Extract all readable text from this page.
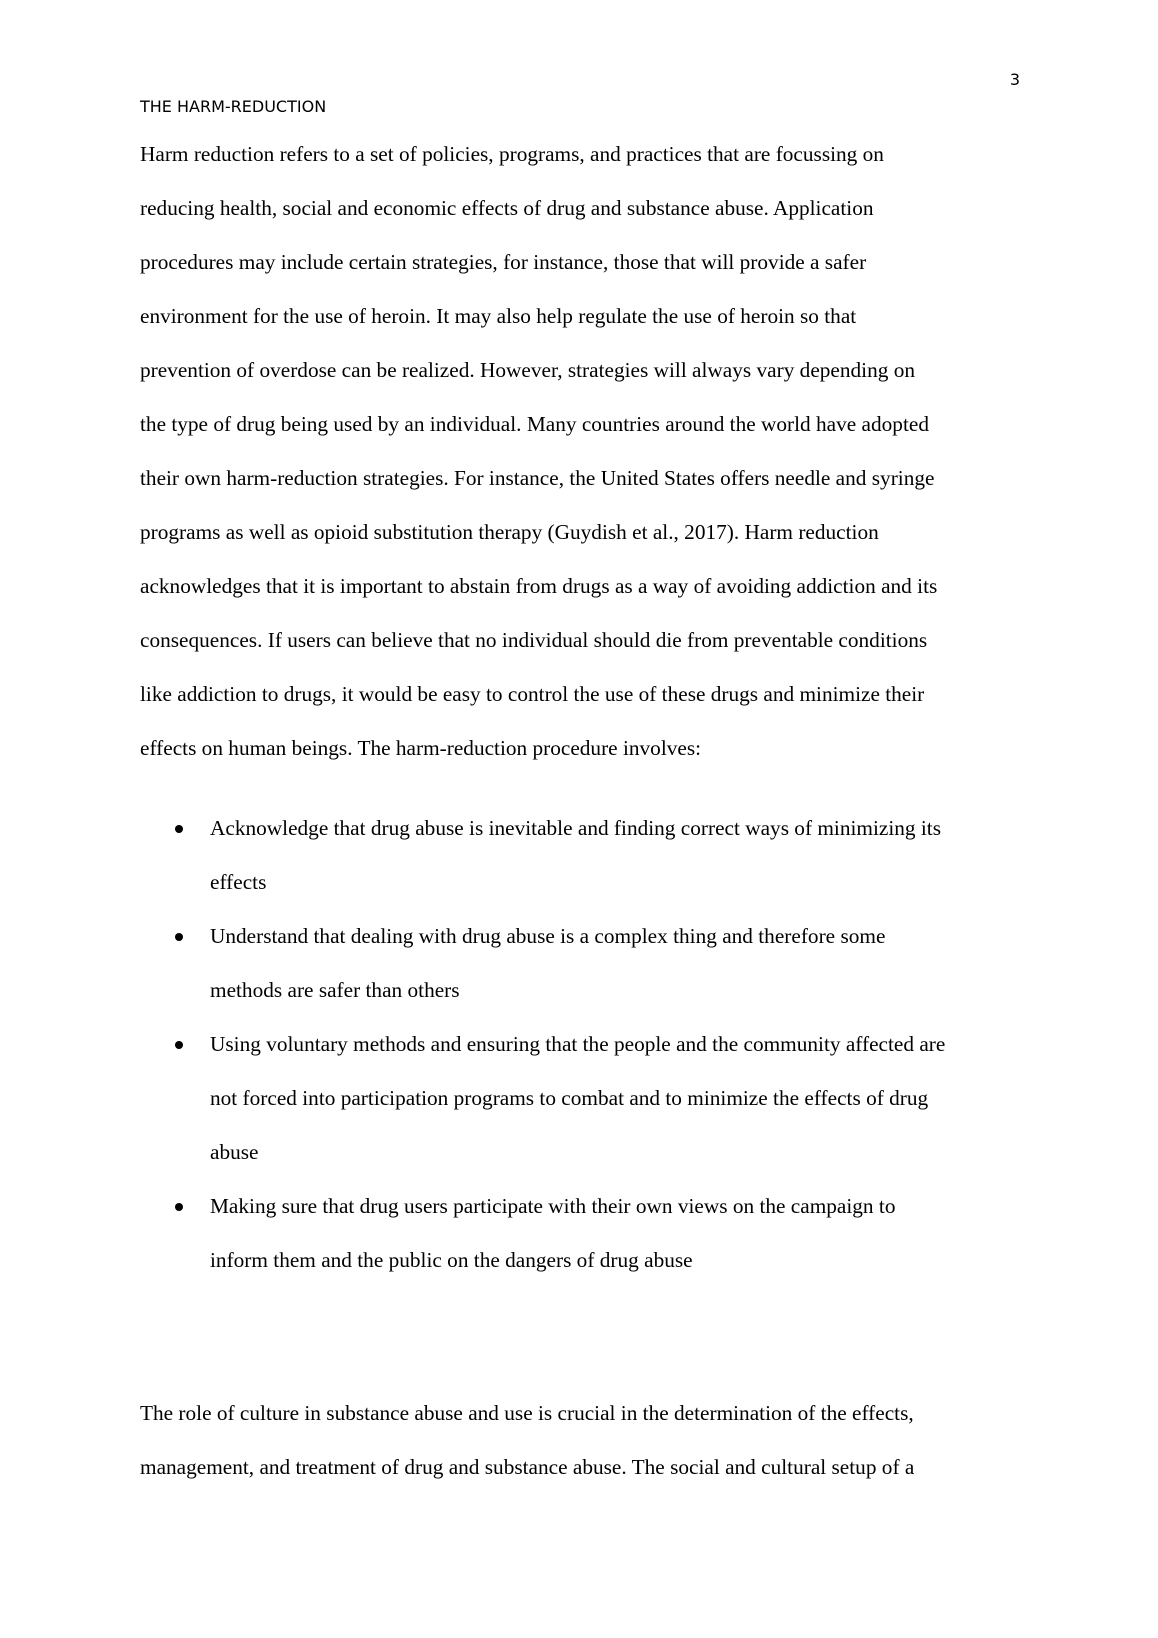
3
THE HARM-REDUCTION
Harm reduction refers to a set of policies, programs, and practices that are focussing on
reducing health, social and economic effects of drug and substance abuse. Application
procedures may include certain strategies, for instance, those that will provide a safer
environment for the use of heroin. It may also help regulate the use of heroin so that
prevention of overdose can be realized. However, strategies will always vary depending on
the type of drug being used by an individual. Many countries around the world have adopted
their own harm-reduction strategies. For instance, the United States offers needle and syringe
programs as well as opioid substitution therapy (Guydish et al., 2017). Harm reduction
acknowledges that it is important to abstain from drugs as a way of avoiding addiction and its
consequences. If users can believe that no individual should die from preventable conditions
like addiction to drugs, it would be easy to control the use of these drugs and minimize their
effects on human beings. The harm-reduction procedure involves:
Acknowledge that drug abuse is inevitable and finding correct ways of minimizing its
effects
Understand that dealing with drug abuse is a complex thing and therefore some
methods are safer than others
Using voluntary methods and ensuring that the people and the community affected are
not forced into participation programs to combat and to minimize the effects of drug
abuse
Making sure that drug users participate with their own views on the campaign to
inform them and the public on the dangers of drug abuse
The role of culture in substance abuse and use is crucial in the determination of the effects,
management, and treatment of drug and substance abuse. The social and cultural setup of a
